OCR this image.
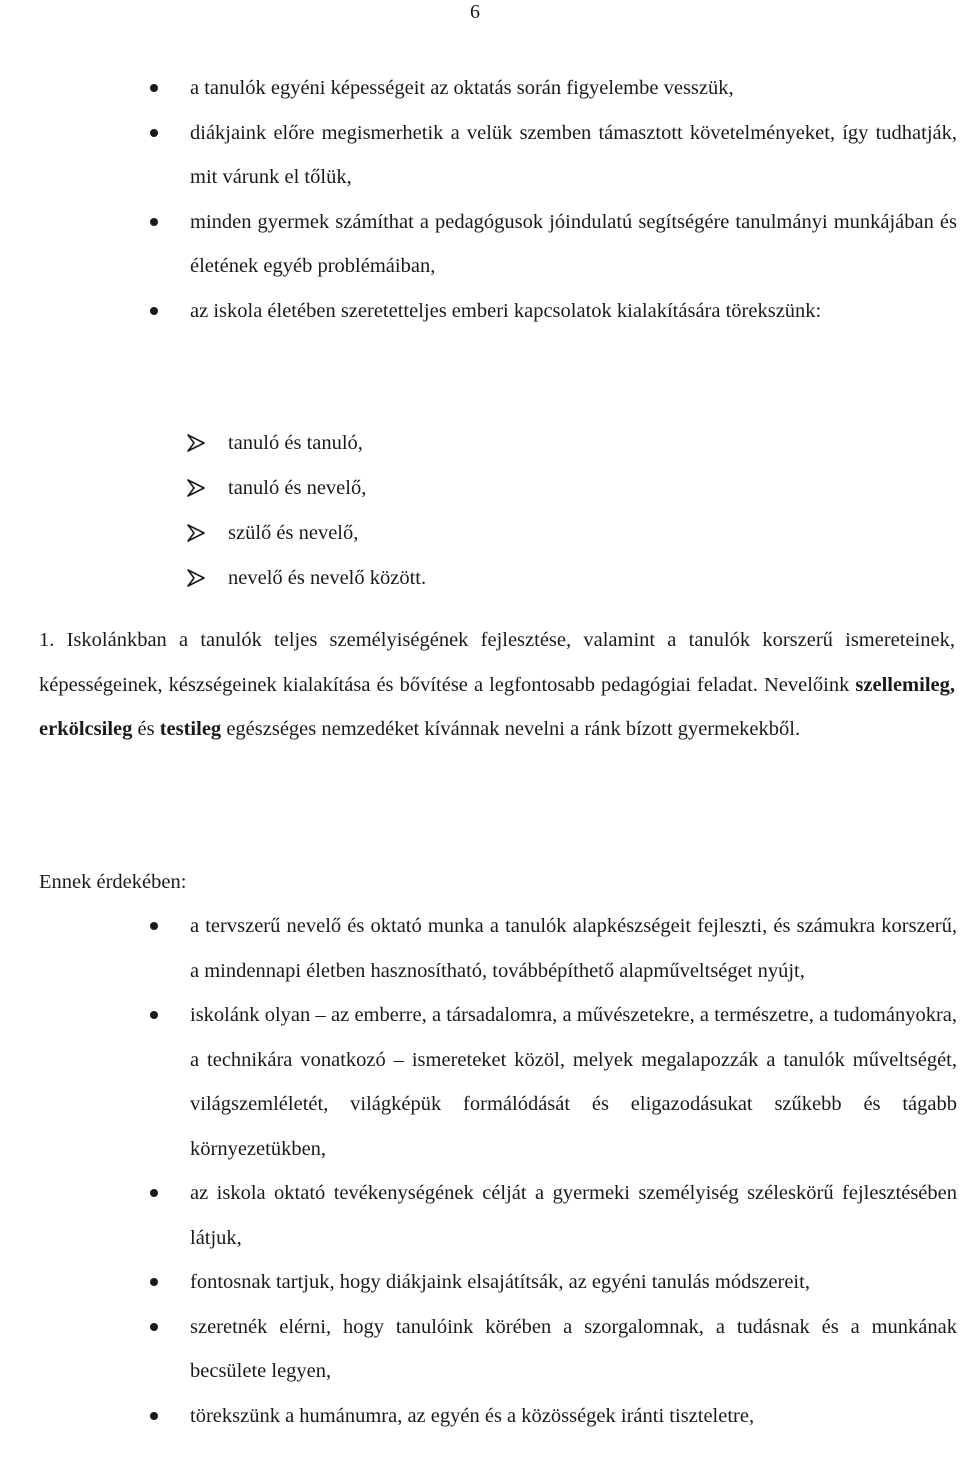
6
a tanulók egyéni képességeit az oktatás során figyelembe vesszük,
diákjaink előre megismerhetik a velük szemben támasztott követelményeket, így tudhatják, mit várunk el tőlük,
minden gyermek számíthat a pedagógusok jóindulatú segítségére tanulmányi munkájában és életének egyéb problémáiban,
az iskola életében szeretetteljes emberi kapcsolatok kialakítására törekszünk:
tanuló és tanuló,
tanuló és nevelő,
szülő és nevelő,
nevelő és nevelő között.

1. Iskolánkban a tanulók teljes személyiségének fejlesztése, valamint a tanulók korszerű ismereteinek, képességeinek, készségeinek kialakítása és bővítése a legfontosabb pedagógiai feladat. Nevelőink szellemileg, erkölcsileg és testileg egészséges nemzedéket kívánnak nevelni a ránk bízott gyermekekből.

Ennek érdekében:
a tervszerű nevelő és oktató munka a tanulók alapkészségeit fejleszti, és számukra korszerű, a mindennapi életben hasznosítható, továbbépíthető alapműveltséget nyújt,
iskolánk olyan – az emberre, a társadalomra, a művészetekre, a természetre, a tudományokra, a technikára vonatkozó – ismereteket közöl, melyek megalapozzák a tanulók műveltségét, világszemléletét, világképük formálódását és eligazodásukat szűkebb és tágabb környezetükben,
az iskola oktató tevékenységének célját a gyermeki személyiség széleskörű fejlesztésében látjuk,
fontosnak tartjuk, hogy diákjaink elsajátítsák, az egyéni tanulás módszereit,
szeretnék elérni, hogy tanulóink körében a szorgalomnak, a tudásnak és a munkának becsülete legyen,
törekszünk a humánumra, az egyén és a közösségek iránti tiszteletre,
